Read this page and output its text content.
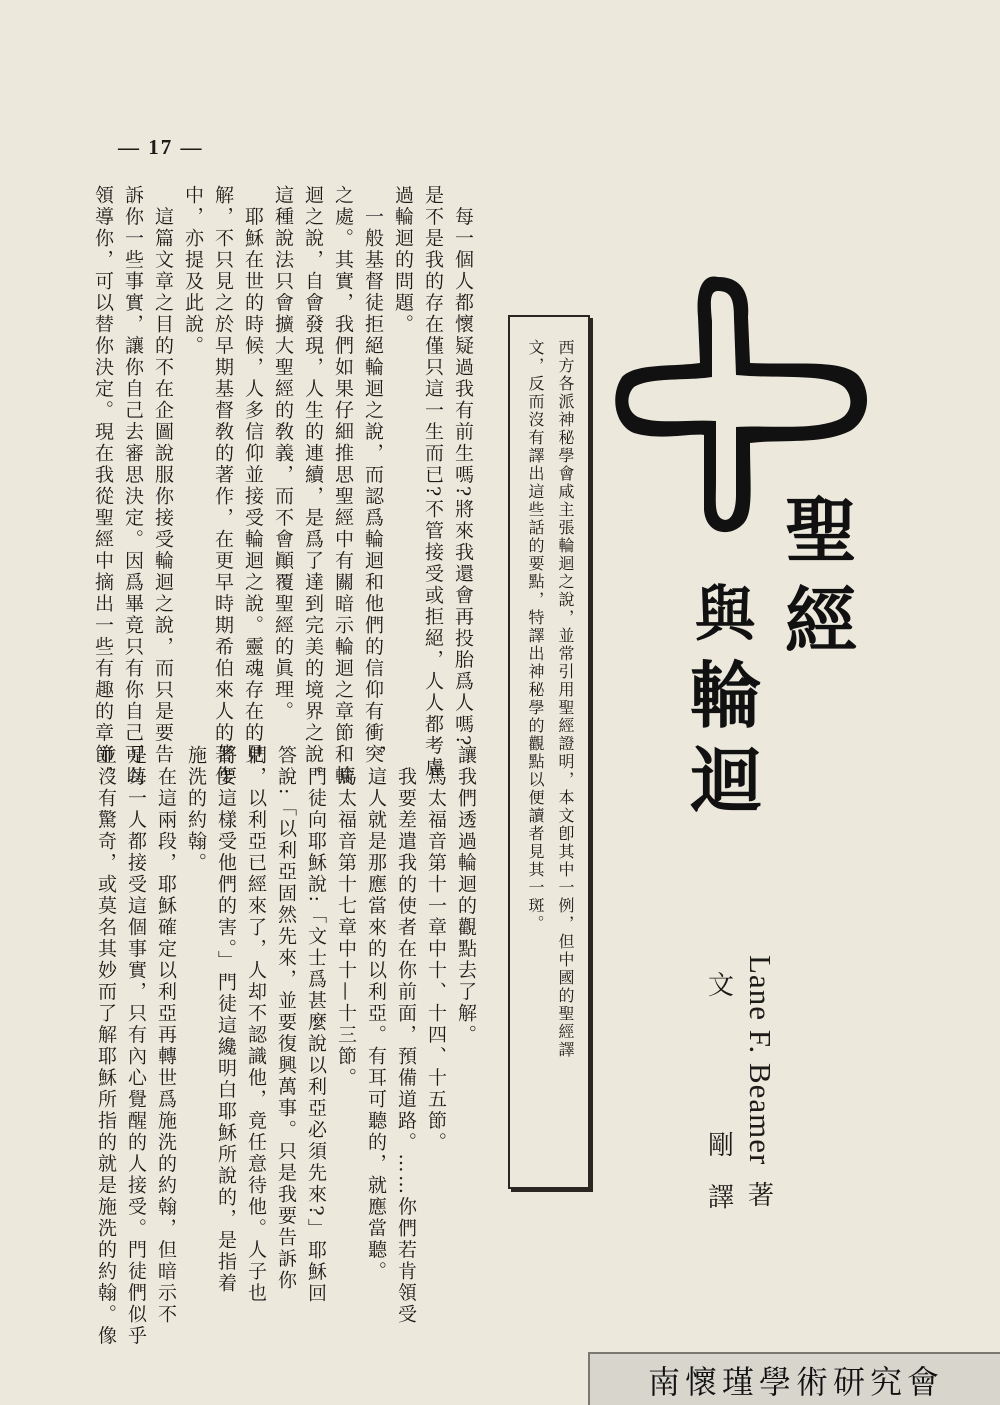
— 17 —
　每一個人都懷疑過我有前生嗎?將來我還會再投胎爲人嗎?
是不是我的存在僅只這一生而已?不管接受或拒絕，人人都考慮
過輪迴的問題。
　一般基督徒拒絕輪迴之說，而認爲輪迴和他們的信仰有衝突
之處。其實，我們如果仔細推思聖經中有關暗示輪迴之章節和輪
迴之說，自會發現，人生的連續，是爲了達到完美的境界之說。
這種說法只會擴大聖經的敎義，而不會顚覆聖經的眞理。
　耶穌在世的時候，人多信仰並接受輪迴之說。靈魂存在的見
解，不只見之於早期基督敎的著作，在更早時期希伯來人的著作
中，亦提及此說。
　這篇文章之目的不在企圖說服你接受輪迴之說，而只是要告
訴你一些事實，讓你自己去審思決定。因爲畢竟只有你自己可以
領導你，可以替你決定。現在我從聖經中摘出一些有趣的章節，
讓我們透過輪迴的觀點去了解。
　馬太福音第十一章中十、十四、十五節。
　我要差遣我的使者在你前面，預備道路。……你們若肯領受
，這人就是那應當來的以利亞。有耳可聽的，就應當聽。
　馬太福音第十七章中十—十三節。
　門徒向耶穌說:「文士爲甚麼說以利亞必須先來?」耶穌回
答說:「以利亞固然先來，並要復興萬事。只是我要告訴你
們，以利亞已經來了，人却不認識他，竟任意待他。人子也
將要這樣受他們的害。」門徒這纔明白耶穌所說的，是指着
施洗的約翰。
　在這兩段，耶穌確定以利亞再轉世爲施洗的約翰，但暗示不
是每一人都接受這個事實，只有內心覺醒的人接受。門徒們似乎
並沒有驚奇，或莫名其妙而了解耶穌所指的就是施洗的約翰。像	西方各派神秘學會咸主張輪迴之說，並常引用聖經證明，本文卽其中一例，但中國的聖經譯
文，反而沒有譯出這些話的要點，特譯出神秘學的觀點以便讀者見其一斑。	聖
經
與
輪
迴
Lane F. Beamer
著
文
剛
譯
南懷瑾學術研究會
